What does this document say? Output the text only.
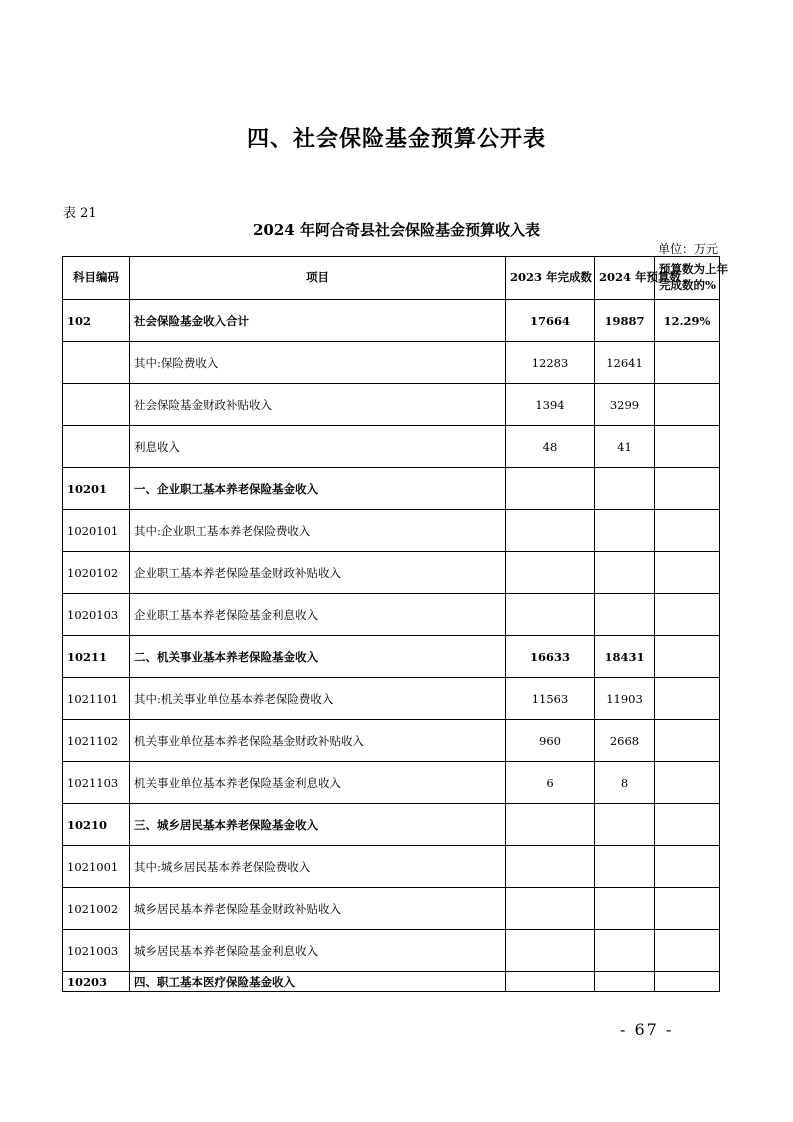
四、社会保险基金预算公开表
表 21
2024 年阿合奇县社会保险基金预算收入表
单位：万元
科目编码	项目	2023 年完成数	2024 年预算数	预算数为上年
完成数的%
102	社会保险基金收入合计	17664	19887	12.29%
	其中:保险费收入	12283	12641	
	社会保险基金财政补贴收入	1394	3299	
	利息收入	48	41	
10201	一、企业职工基本养老保险基金收入			
1020101	其中:企业职工基本养老保险费收入			
1020102	企业职工基本养老保险基金财政补贴收入			
1020103	企业职工基本养老保险基金利息收入			
10211	二、机关事业基本养老保险基金收入	16633	18431	
1021101	其中:机关事业单位基本养老保险费收入	11563	11903	
1021102	机关事业单位基本养老保险基金财政补贴收入	960	2668	
1021103	机关事业单位基本养老保险基金利息收入	6	8	
10210	三、城乡居民基本养老保险基金收入			
1021001	其中:城乡居民基本养老保险费收入			
1021002	城乡居民基本养老保险基金财政补贴收入			
1021003	城乡居民基本养老保险基金利息收入			
10203	四、职工基本医疗保险基金收入			
- 67 -
